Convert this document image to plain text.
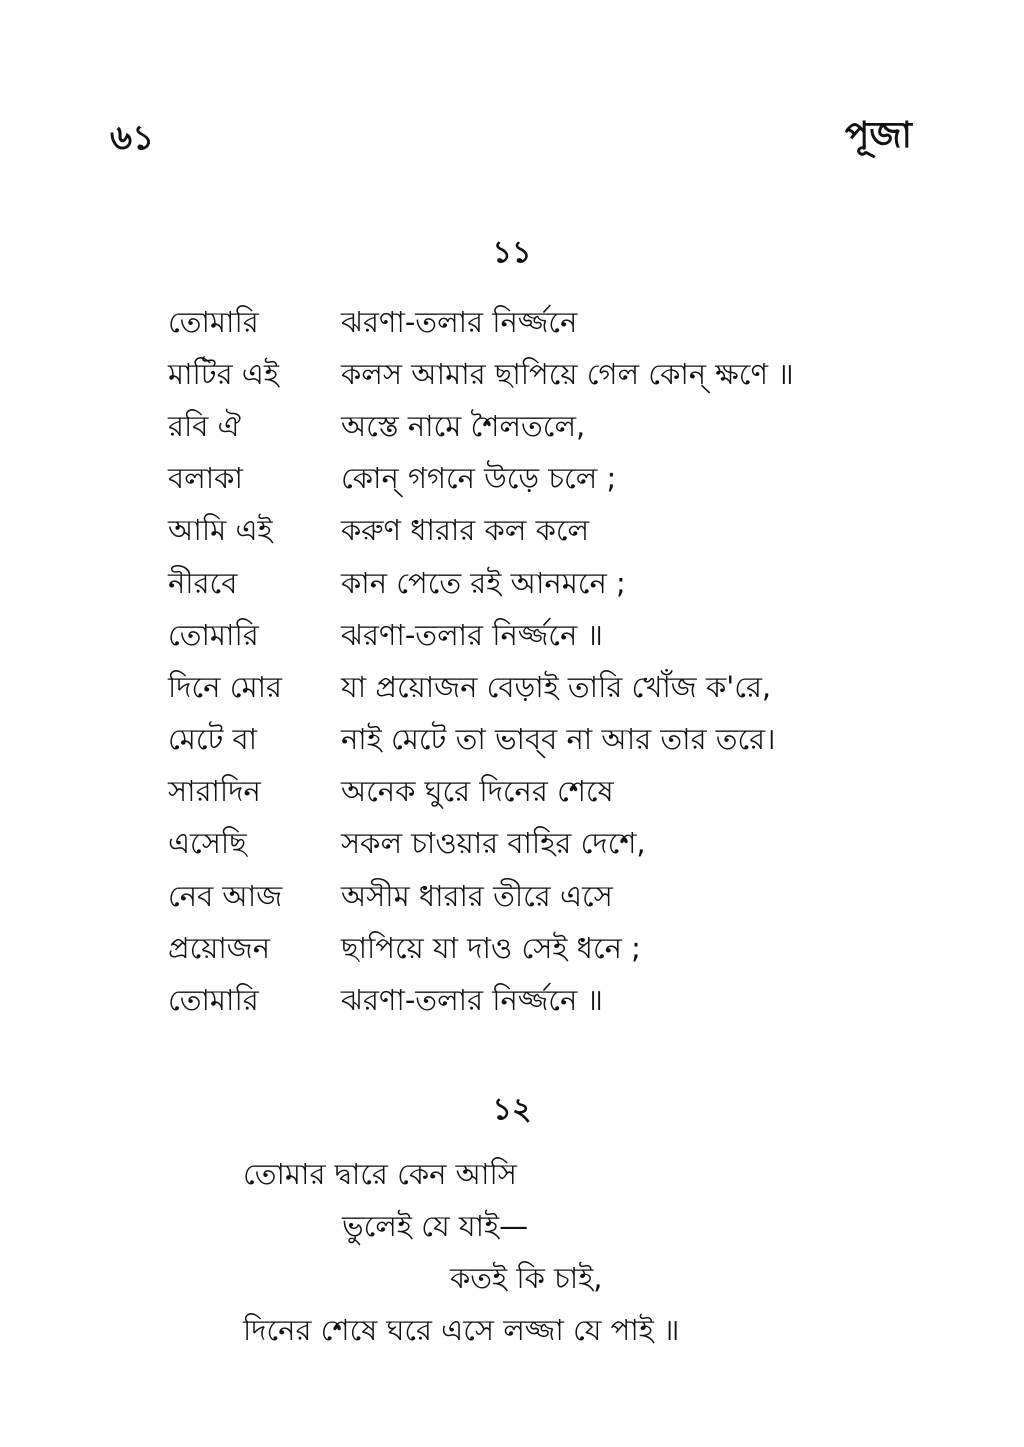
৬১	পূজা
১১
তোমারি	ঝরণা-তলার নির্জ্জনে
মাটির এই	কলস আমার ছাপিয়ে গেল কোন্ ক্ষণে ॥
রবি ঐ	অস্তে নামে শৈলতলে,
বলাকা	কোন্ গগনে উড়ে চলে ;
আমি এই	করুণ ধারার কল কলে
নীরবে	কান পেতে রই আনমনে ;
তোমারি	ঝরণা-তলার নির্জ্জনে ॥
দিনে মোর	যা প্রয়োজন বেড়াই তারি খোঁজ ক'রে,
মেটে বা	নাই মেটে তা ভাব্‌ব না আর তার তরে।
সারাদিন	অনেক ঘুরে দিনের শেষে
এসেছি	সকল চাওয়ার বাহির দেশে,
নেব আজ	অসীম ধারার তীরে এসে
প্রয়োজন	ছাপিয়ে যা দাও সেই ধনে ;
তোমারি	ঝরণা-তলার নির্জ্জনে ॥
১২
তোমার দ্বারে কেন আসি
ভুলেই যে যাই—
কতই কি চাই,
দিনের শেষে ঘরে এসে লজ্জা যে পাই ॥
